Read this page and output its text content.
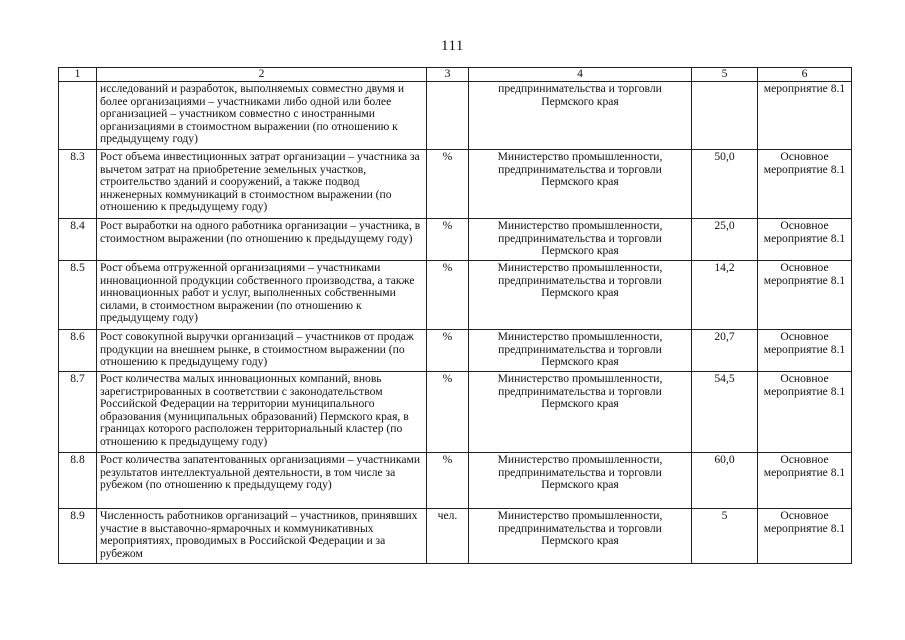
111
1	2	3	4	5	6
	исследований и разработок, выполняемых совместно двумя и более организациями – участниками либо одной или более организацией – участником совместно с иностранными организациями в стоимостном выражении (по отношению к предыдущему году)		предпринимательства и торговли Пермского края		мероприятие 8.1
8.3	Рост объема инвестиционных затрат организации – участника за вычетом затрат на приобретение земельных участков, строительство зданий и сооружений, а также подвод инженерных коммуникаций в стоимостном выражении (по отношению к предыдущему году)	%	Министерство промышленности, предпринимательства и торговли Пермского края	50,0	Основное мероприятие 8.1
8.4	Рост выработки на одного работника организации – участника, в стоимостном выражении (по отношению к предыдущему году)	%	Министерство промышленности, предпринимательства и торговли Пермского края	25,0	Основное мероприятие 8.1
8.5	Рост объема отгруженной организациями – участниками инновационной продукции собственного производства, а также инновационных работ и услуг, выполненных собственными силами, в стоимостном выражении (по отношению к предыдущему году)	%	Министерство промышленности, предпринимательства и торговли Пермского края	14,2	Основное мероприятие 8.1
8.6	Рост совокупной выручки организаций – участников от продаж продукции на внешнем рынке, в стоимостном выражении (по отношению к предыдущему году)	%	Министерство промышленности, предпринимательства и торговли Пермского края	20,7	Основное мероприятие 8.1
8.7	Рост количества малых инновационных компаний, вновь зарегистрированных в соответствии с законодательством Российской Федерации на территории муниципального образования (муниципальных образований) Пермского края, в границах которого расположен территориальный кластер (по отношению к предыдущему году)	%	Министерство промышленности, предпринимательства и торговли Пермского края	54,5	Основное мероприятие 8.1
8.8	Рост количества запатентованных организациями – участниками результатов интеллектуальной деятельности, в том числе за рубежом (по отношению к предыдущему году)	%	Министерство промышленности, предпринимательства и торговли Пермского края	60,0	Основное мероприятие 8.1
8.9	Численность работников организаций – участников, принявших участие в выставочно-ярмарочных и коммуникативных мероприятиях, проводимых в Российской Федерации и за рубежом	чел.	Министерство промышленности, предпринимательства и торговли Пермского края	5	Основное мероприятие 8.1
